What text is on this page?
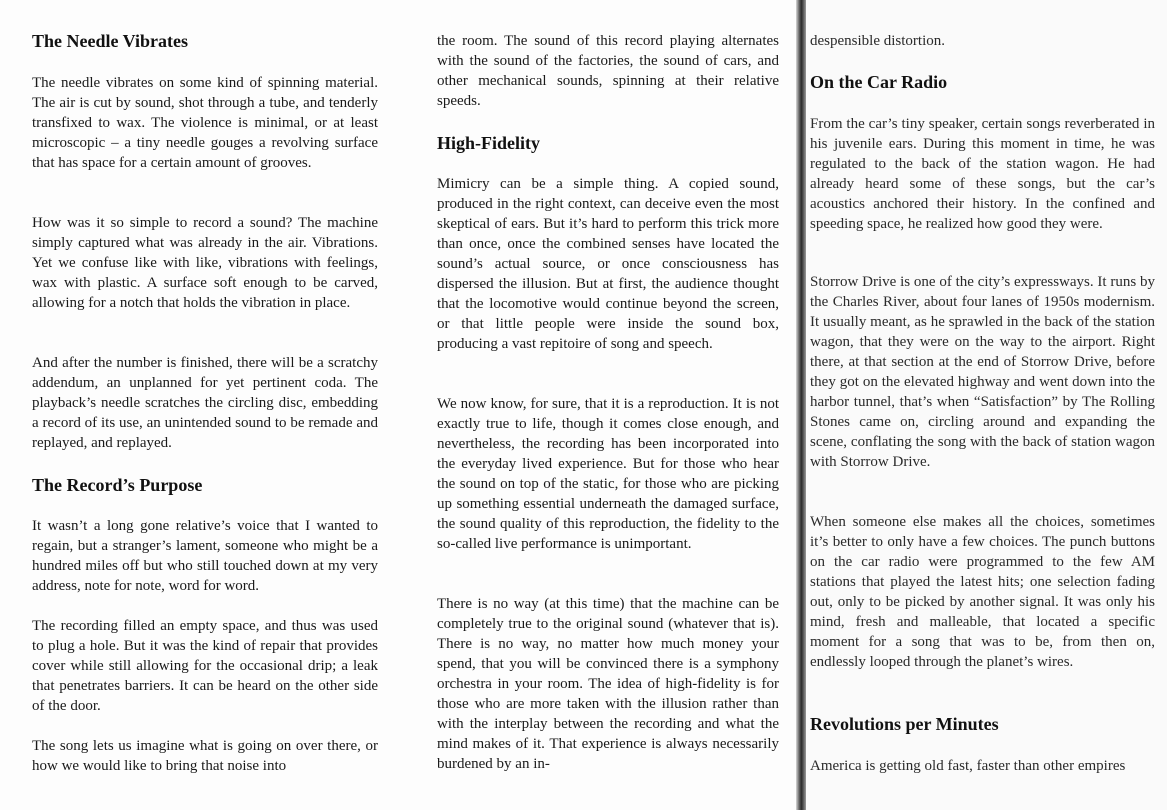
The Needle Vibrates

The needle vibrates on some kind of spinning material. The air is cut by sound, shot through a tube, and tenderly transfixed to wax. The violence is minimal, or at least microscopic – a tiny needle gouges a revolving surface that has space for a certain amount of grooves.

How was it so simple to record a sound? The machine simply captured what was already in the air. Vibrations. Yet we confuse like with like, vibrations with feelings, wax with plastic. A surface soft enough to be carved, allowing for a notch that holds the vibration in place.

And after the number is finished, there will be a scratchy addendum, an unplanned for yet pertinent coda. The playback’s needle scratches the circling disc, embedding a record of its use, an unintended sound to be remade and replayed, and replayed.

The Record’s Purpose

It wasn’t a long gone relative’s voice that I wanted to regain, but a stranger’s lament, someone who might be a hundred miles off but who still touched down at my very address, note for note, word for word.

The recording filled an empty space, and thus was used to plug a hole. But it was the kind of repair that provides cover while still allowing for the occasional drip; a leak that penetrates barriers. It can be heard on the other side of the door.

The song lets us imagine what is going on over there, or how we would like to bring that noise into

the room. The sound of this record playing alternates with the sound of the factories, the sound of cars, and other mechanical sounds, spinning at their relative speeds.

High-Fidelity

Mimicry can be a simple thing. A copied sound, produced in the right context, can deceive even the most skeptical of ears. But it’s hard to perform this trick more than once, once the combined senses have located the sound’s actual source, or once consciousness has dispersed the illusion. But at first, the audience thought that the locomotive would continue beyond the screen, or that little people were inside the sound box, producing a vast repitoire of song and speech.

We now know, for sure, that it is a reproduction. It is not exactly true to life, though it comes close enough, and nevertheless, the recording has been incorporated into the everyday lived experience. But for those who hear the sound on top of the static, for those who are picking up something essential underneath the damaged surface, the sound quality of this reproduction, the fidelity to the so-called live performance is unimportant.

There is no way (at this time) that the machine can be completely true to the original sound (whatever that is). There is no way, no matter how much money your spend, that you will be convinced there is a symphony orchestra in your room. The idea of high-fidelity is for those who are more taken with the illusion rather than with the interplay between the recording and what the mind makes of it. That experience is always necessarily burdened by an in-

despensible distortion.

On the Car Radio

From the car’s tiny speaker, certain songs reverberated in his juvenile ears. During this moment in time, he was regulated to the back of the station wagon. He had already heard some of these songs, but the car’s acoustics anchored their history. In the confined and speeding space, he realized how good they were.

Storrow Drive is one of the city’s expressways. It runs by the Charles River, about four lanes of 1950s modernism. It usually meant, as he sprawled in the back of the station wagon, that they were on the way to the airport. Right there, at that section at the end of Storrow Drive, before they got on the elevated highway and went down into the harbor tunnel, that’s when “Satisfaction” by The Rolling Stones came on, circling around and expanding the scene, conflating the song with the back of station wagon with Storrow Drive.

When someone else makes all the choices, sometimes it’s better to only have a few choices. The punch buttons on the car radio were programmed to the few AM stations that played the latest hits; one selection fading out, only to be picked by another signal. It was only his mind, fresh and malleable, that located a specific moment for a song that was to be, from then on, endlessly looped through the planet’s wires.

Revolutions per Minutes

America is getting old fast, faster than other empires
